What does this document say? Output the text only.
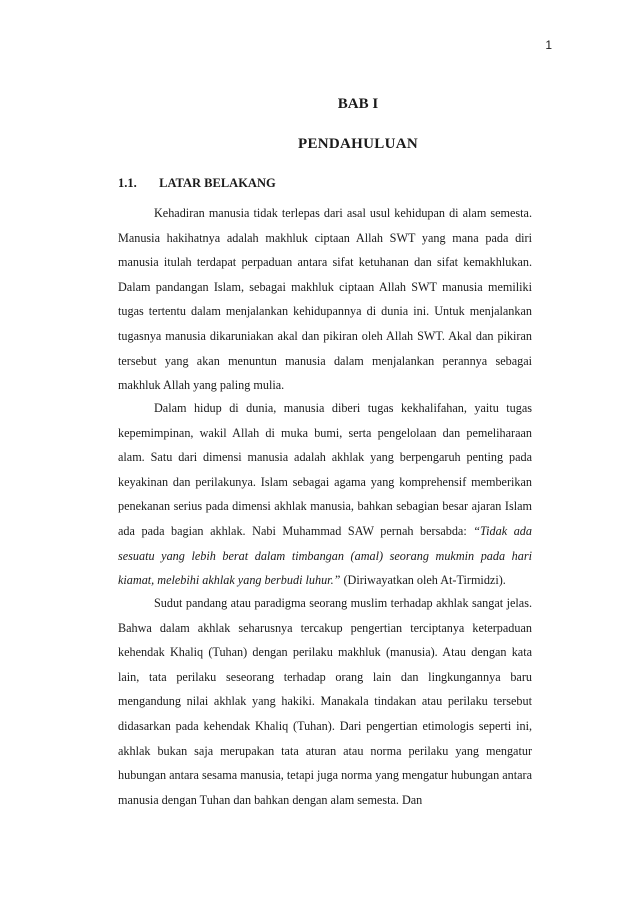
1
BAB I
PENDAHULUAN
1.1. LATAR BELAKANG

Kehadiran manusia tidak terlepas dari asal usul kehidupan di alam semesta. Manusia hakihatnya adalah makhluk ciptaan Allah SWT yang mana pada diri manusia itulah terdapat perpaduan antara sifat ketuhanan dan sifat kemakhlukan. Dalam pandangan Islam, sebagai makhluk ciptaan Allah SWT manusia memiliki tugas tertentu dalam menjalankan kehidupannya di dunia ini. Untuk menjalankan tugasnya manusia dikaruniakan akal dan pikiran oleh Allah SWT. Akal dan pikiran tersebut yang akan menuntun manusia dalam menjalankan perannya sebagai makhluk Allah yang paling mulia.

Dalam hidup di dunia, manusia diberi tugas kekhalifahan, yaitu tugas kepemimpinan, wakil Allah di muka bumi, serta pengelolaan dan pemeliharaan alam. Satu dari dimensi manusia adalah akhlak yang berpengaruh penting pada keyakinan dan perilakunya. Islam sebagai agama yang komprehensif memberikan penekanan serius pada dimensi akhlak manusia, bahkan sebagian besar ajaran Islam ada pada bagian akhlak. Nabi Muhammad SAW pernah bersabda: “Tidak ada sesuatu yang lebih berat dalam timbangan (amal) seorang mukmin pada hari kiamat, melebihi akhlak yang berbudi luhur.” (Diriwayatkan oleh At-Tirmidzi).

Sudut pandang atau paradigma seorang muslim terhadap akhlak sangat jelas. Bahwa dalam akhlak seharusnya tercakup pengertian terciptanya keterpaduan kehendak Khaliq (Tuhan) dengan perilaku makhluk (manusia). Atau dengan kata lain, tata perilaku seseorang terhadap orang lain dan lingkungannya baru mengandung nilai akhlak yang hakiki. Manakala tindakan atau perilaku tersebut didasarkan pada kehendak Khaliq (Tuhan). Dari pengertian etimologis seperti ini, akhlak bukan saja merupakan tata aturan atau norma perilaku yang mengatur hubungan antara sesama manusia, tetapi juga norma yang mengatur hubungan antara manusia dengan Tuhan dan bahkan dengan alam semesta. Dan
